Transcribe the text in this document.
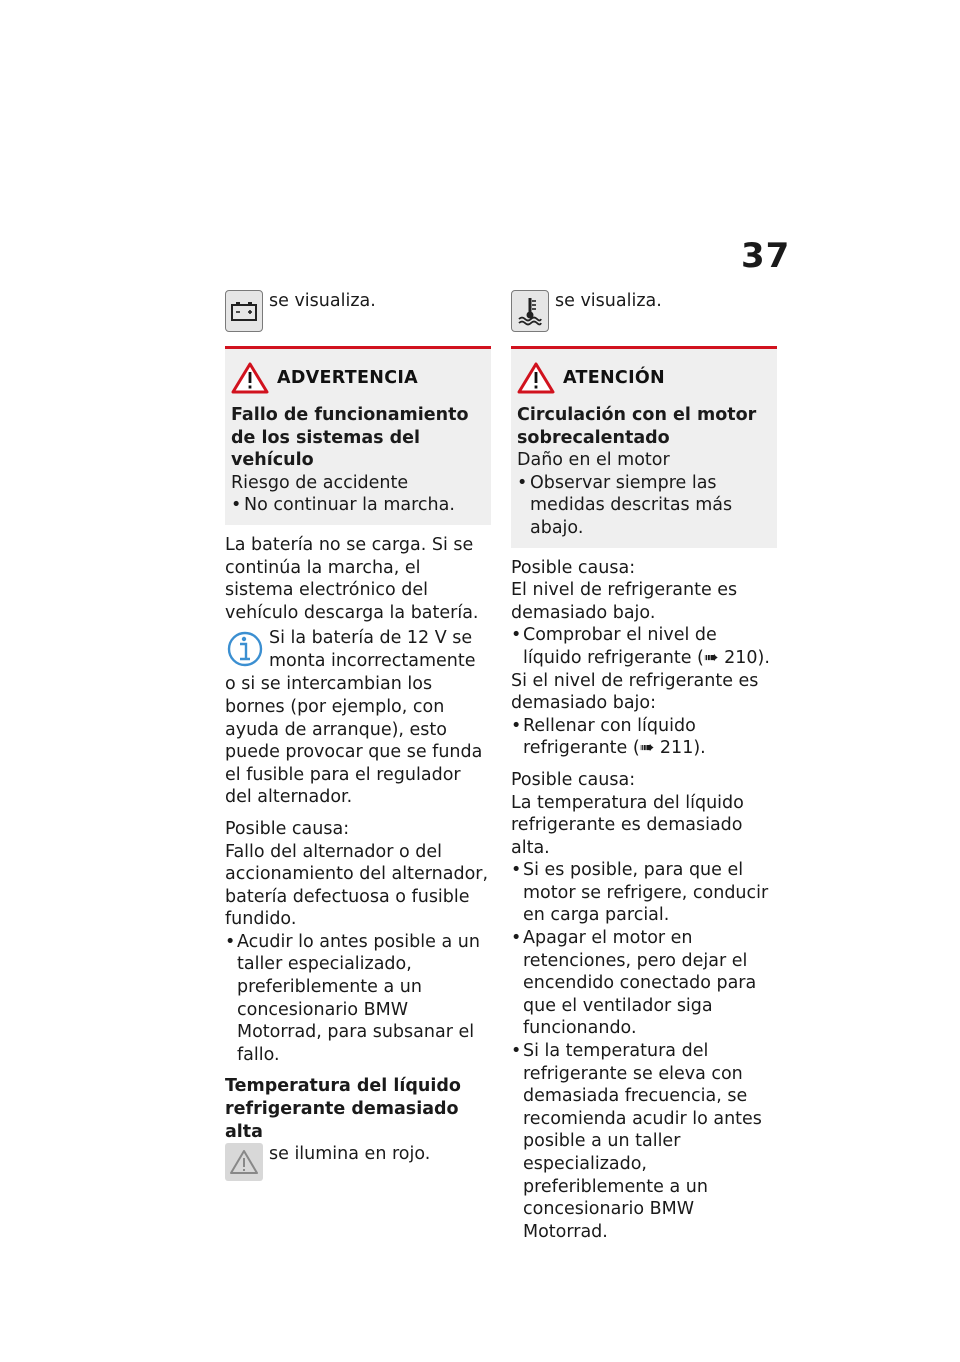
37

se visualiza.

ADVERTENCIA

Fallo de funcionamiento de los sistemas del vehículo

Riesgo de accidente

• No continuar la marcha.

La batería no se carga. Si se continúa la marcha, el sistema electrónico del vehículo descarga la batería.

Si la batería de 12 V se monta incorrectamente

o si se intercambian los bornes (por ejemplo, con ayuda de arranque), esto puede provocar que se funda el fusible para el regulador del alternador.

Posible causa:

Fallo del alternador o del accionamiento del alternador, batería defectuosa o fusible fundido.

• Acudir lo antes posible a un taller especializado, preferiblemente a un concesionario BMW Motorrad, para subsanar el fallo.

Temperatura del líquido refrigerante demasiado alta

se ilumina en rojo.

se visualiza.

ATENCIÓN

Circulación con el motor sobrecalentado

Daño en el motor

• Observar siempre las medidas descritas más abajo.

Posible causa:

El nivel de refrigerante es demasiado bajo.

• Comprobar el nivel de líquido refrigerante (➠ 210).

Si el nivel de refrigerante es demasiado bajo:

• Rellenar con líquido refrigerante (➠ 211).

Posible causa:

La temperatura del líquido refrigerante es demasiado alta.

• Si es posible, para que el motor se refrigere, conducir en carga parcial.
• Apagar el motor en retenciones, pero dejar el encendido conectado para que el ventilador siga funcionando.
• Si la temperatura del refrigerante se eleva con demasiada frecuencia, se recomienda acudir lo antes posible a un taller especializado, preferiblemente a un concesionario BMW Motorrad.
